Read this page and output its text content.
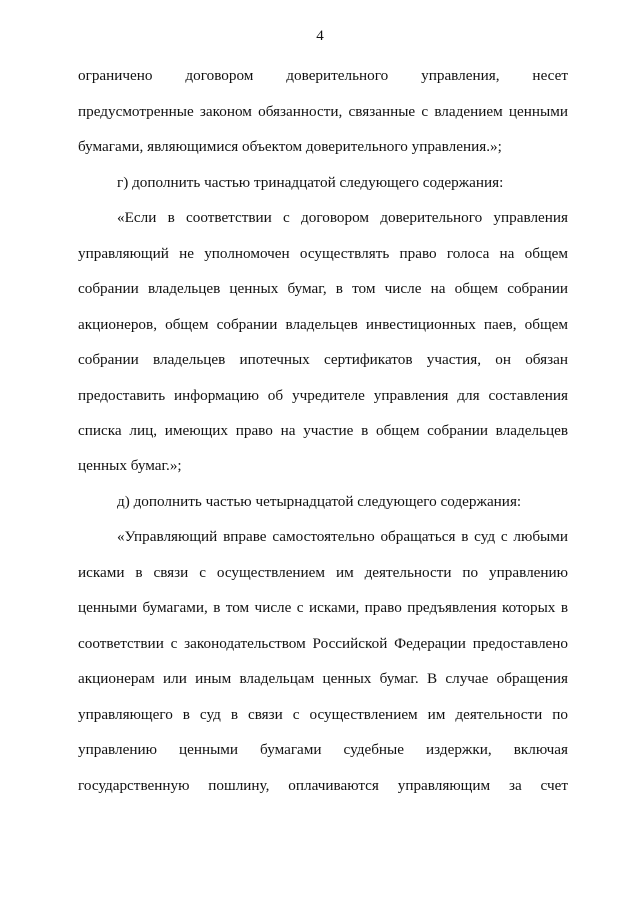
4
ограничено договором доверительного управления, несет
предусмотренные законом обязанности, связанные с владением ценными
бумагами, являющимися объектом доверительного управления.»;
г) дополнить частью тринадцатой следующего содержания:
«Если в соответствии с договором доверительного управления
управляющий не уполномочен осуществлять право голоса на общем
собрании владельцев ценных бумаг, в том числе на общем собрании
акционеров, общем собрании владельцев инвестиционных паев, общем
собрании владельцев ипотечных сертификатов участия, он обязан
предоставить информацию об учредителе управления для составления
списка лиц, имеющих право на участие в общем собрании владельцев
ценных бумаг.»;
д) дополнить частью четырнадцатой следующего содержания:
«Управляющий вправе самостоятельно обращаться в суд с любыми
исками в связи с осуществлением им деятельности по управлению
ценными бумагами, в том числе с исками, право предъявления которых в
соответствии с законодательством Российской Федерации предоставлено
акционерам или иным владельцам ценных бумаг. В случае обращения
управляющего в суд в связи с осуществлением им деятельности по
управлению ценными бумагами судебные издержки, включая
государственную пошлину, оплачиваются управляющим за счет
